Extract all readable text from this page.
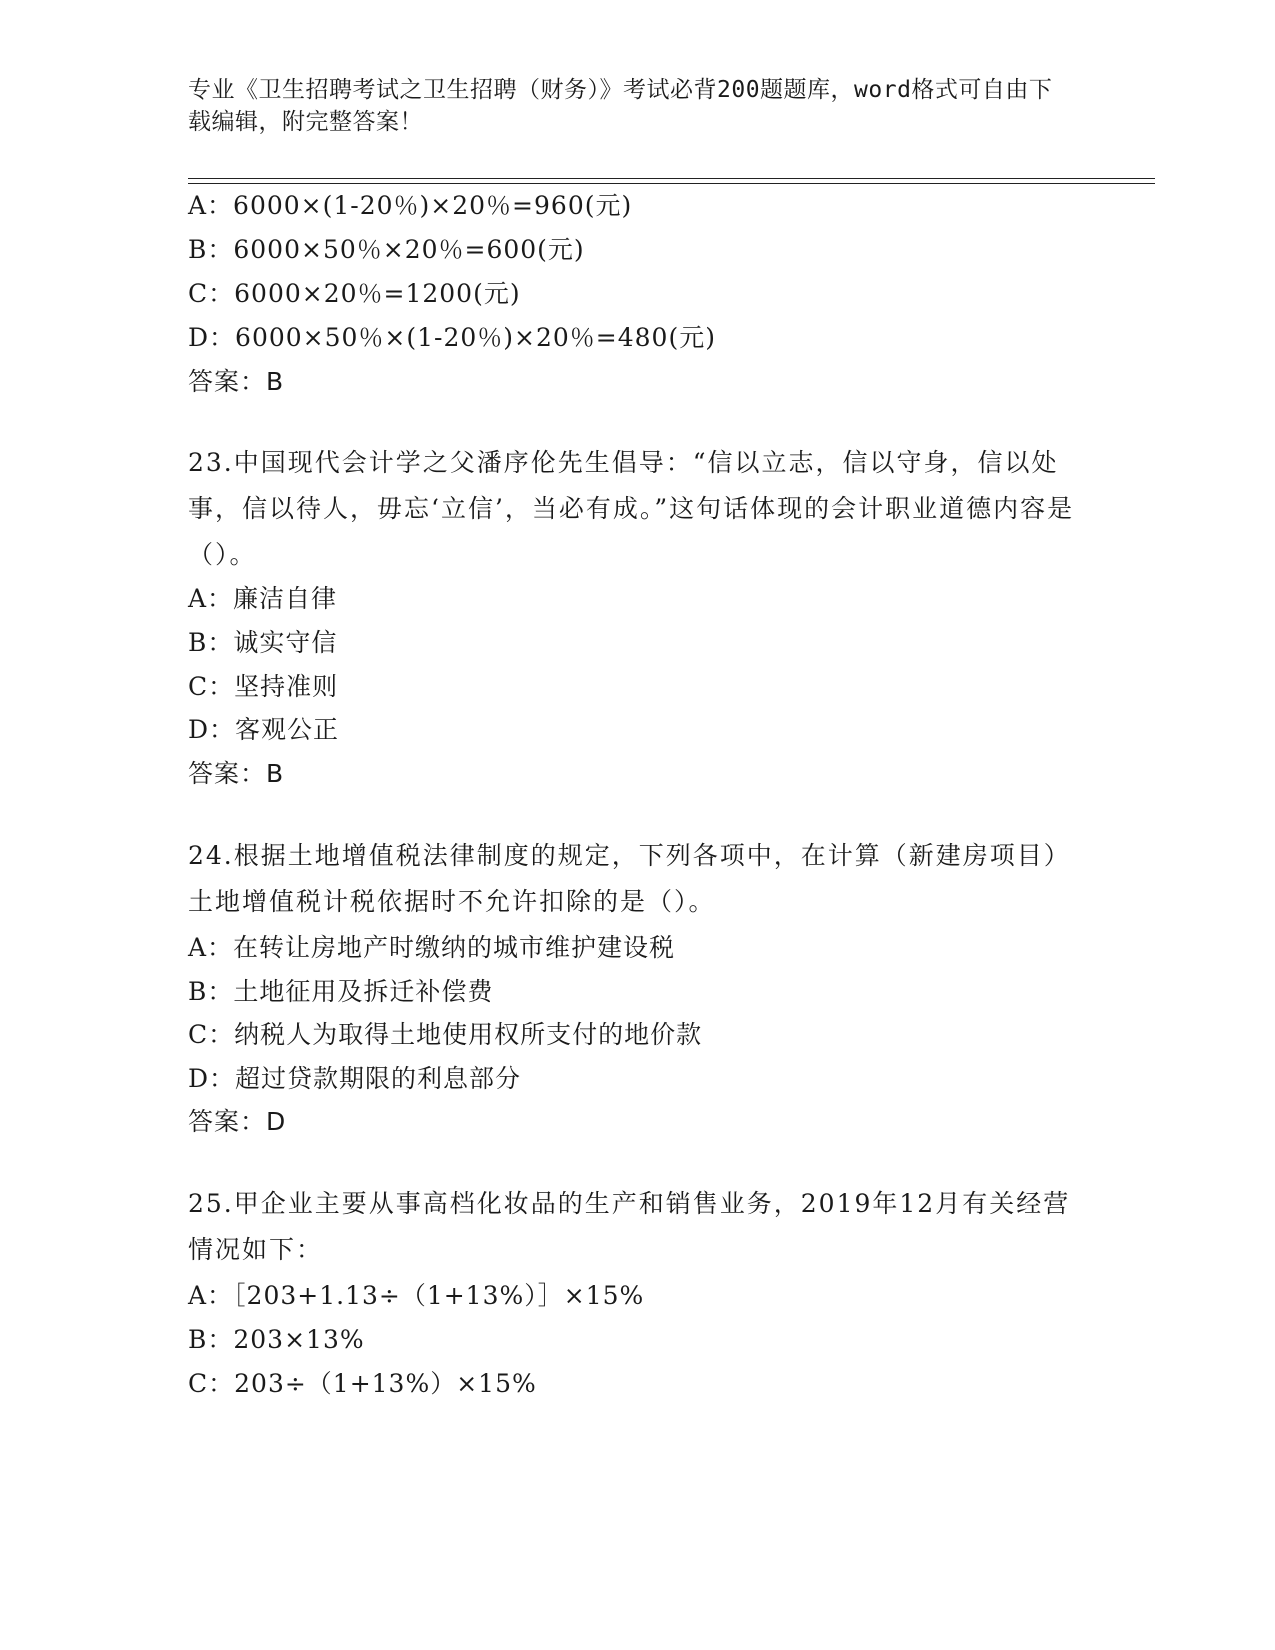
专业《卫生招聘考试之卫生招聘（财务）》考试必背200题题库，word格式可自由下载编辑，附完整答案！
A：6000×(1-20％)×20％=960(元)
B：6000×50％×20％=600(元)
C：6000×20％=1200(元)
D：6000×50％×(1-20％)×20％=480(元)
答案：B
23.中国现代会计学之父潘序伦先生倡导：“信以立志，信以守身，信以处事，信以待人，毋忘‘立信’，当必有成。”这句话体现的会计职业道德内容是（）。
A：廉洁自律
B：诚实守信
C：坚持准则
D：客观公正
答案：B
24.根据土地增值税法律制度的规定，下列各项中，在计算（新建房项目）土地增值税计税依据时不允许扣除的是（）。
A：在转让房地产时缴纳的城市维护建设税
B：土地征用及拆迁补偿费
C：纳税人为取得土地使用权所支付的地价款
D：超过贷款期限的利息部分
答案：D
25.甲企业主要从事高档化妆品的生产和销售业务，2019年12月有关经营情况如下：
A：［203+1.13÷（1+13%）］×15%
B：203×13%
C：203÷（1+13%）×15%
